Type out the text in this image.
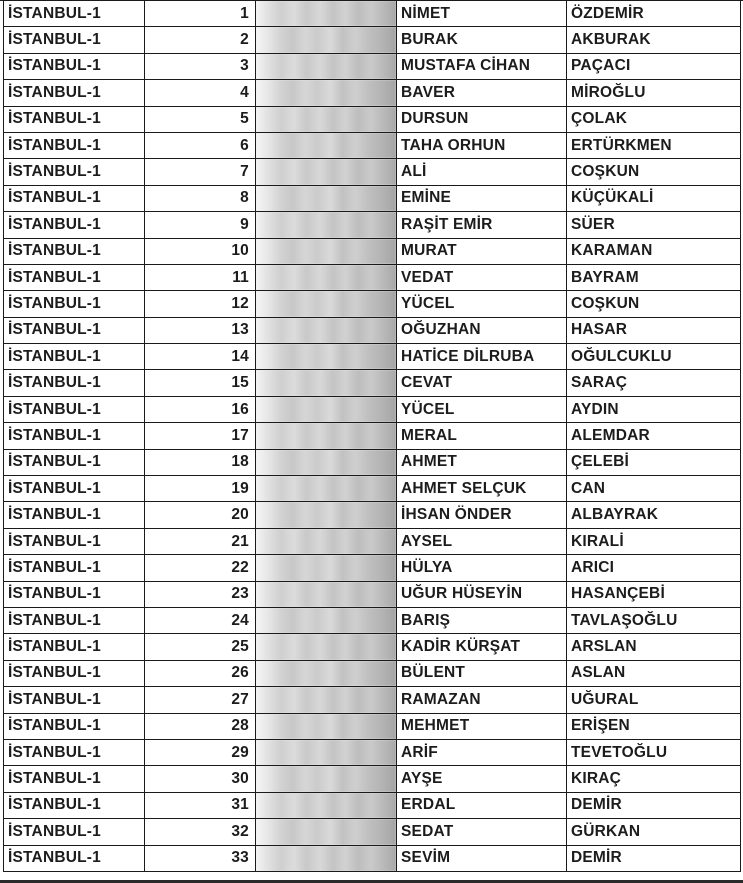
İSTANBUL-1	1		NİMET	ÖZDEMİR
İSTANBUL-1	2		BURAK	AKBURAK
İSTANBUL-1	3		MUSTAFA CİHAN	PAÇACI
İSTANBUL-1	4		BAVER	MİROĞLU
İSTANBUL-1	5		DURSUN	ÇOLAK
İSTANBUL-1	6		TAHA ORHUN	ERTÜRKMEN
İSTANBUL-1	7		ALİ	COŞKUN
İSTANBUL-1	8		EMİNE	KÜÇÜKALİ
İSTANBUL-1	9		RAŞİT EMİR	SÜER
İSTANBUL-1	10		MURAT	KARAMAN
İSTANBUL-1	11		VEDAT	BAYRAM
İSTANBUL-1	12		YÜCEL	COŞKUN
İSTANBUL-1	13		OĞUZHAN	HASAR
İSTANBUL-1	14		HATİCE DİLRUBA	OĞULCUKLU
İSTANBUL-1	15		CEVAT	SARAÇ
İSTANBUL-1	16		YÜCEL	AYDIN
İSTANBUL-1	17		MERAL	ALEMDAR
İSTANBUL-1	18		AHMET	ÇELEBİ
İSTANBUL-1	19		AHMET SELÇUK	CAN
İSTANBUL-1	20		İHSAN ÖNDER	ALBAYRAK
İSTANBUL-1	21		AYSEL	KIRALİ
İSTANBUL-1	22		HÜLYA	ARICI
İSTANBUL-1	23		UĞUR HÜSEYİN	HASANÇEBİ
İSTANBUL-1	24		BARIŞ	TAVLAŞOĞLU
İSTANBUL-1	25		KADİR KÜRŞAT	ARSLAN
İSTANBUL-1	26		BÜLENT	ASLAN
İSTANBUL-1	27		RAMAZAN	UĞURAL
İSTANBUL-1	28		MEHMET	ERİŞEN
İSTANBUL-1	29		ARİF	TEVETOĞLU
İSTANBUL-1	30		AYŞE	KIRAÇ
İSTANBUL-1	31		ERDAL	DEMİR
İSTANBUL-1	32		SEDAT	GÜRKAN
İSTANBUL-1	33		SEVİM	DEMİR
